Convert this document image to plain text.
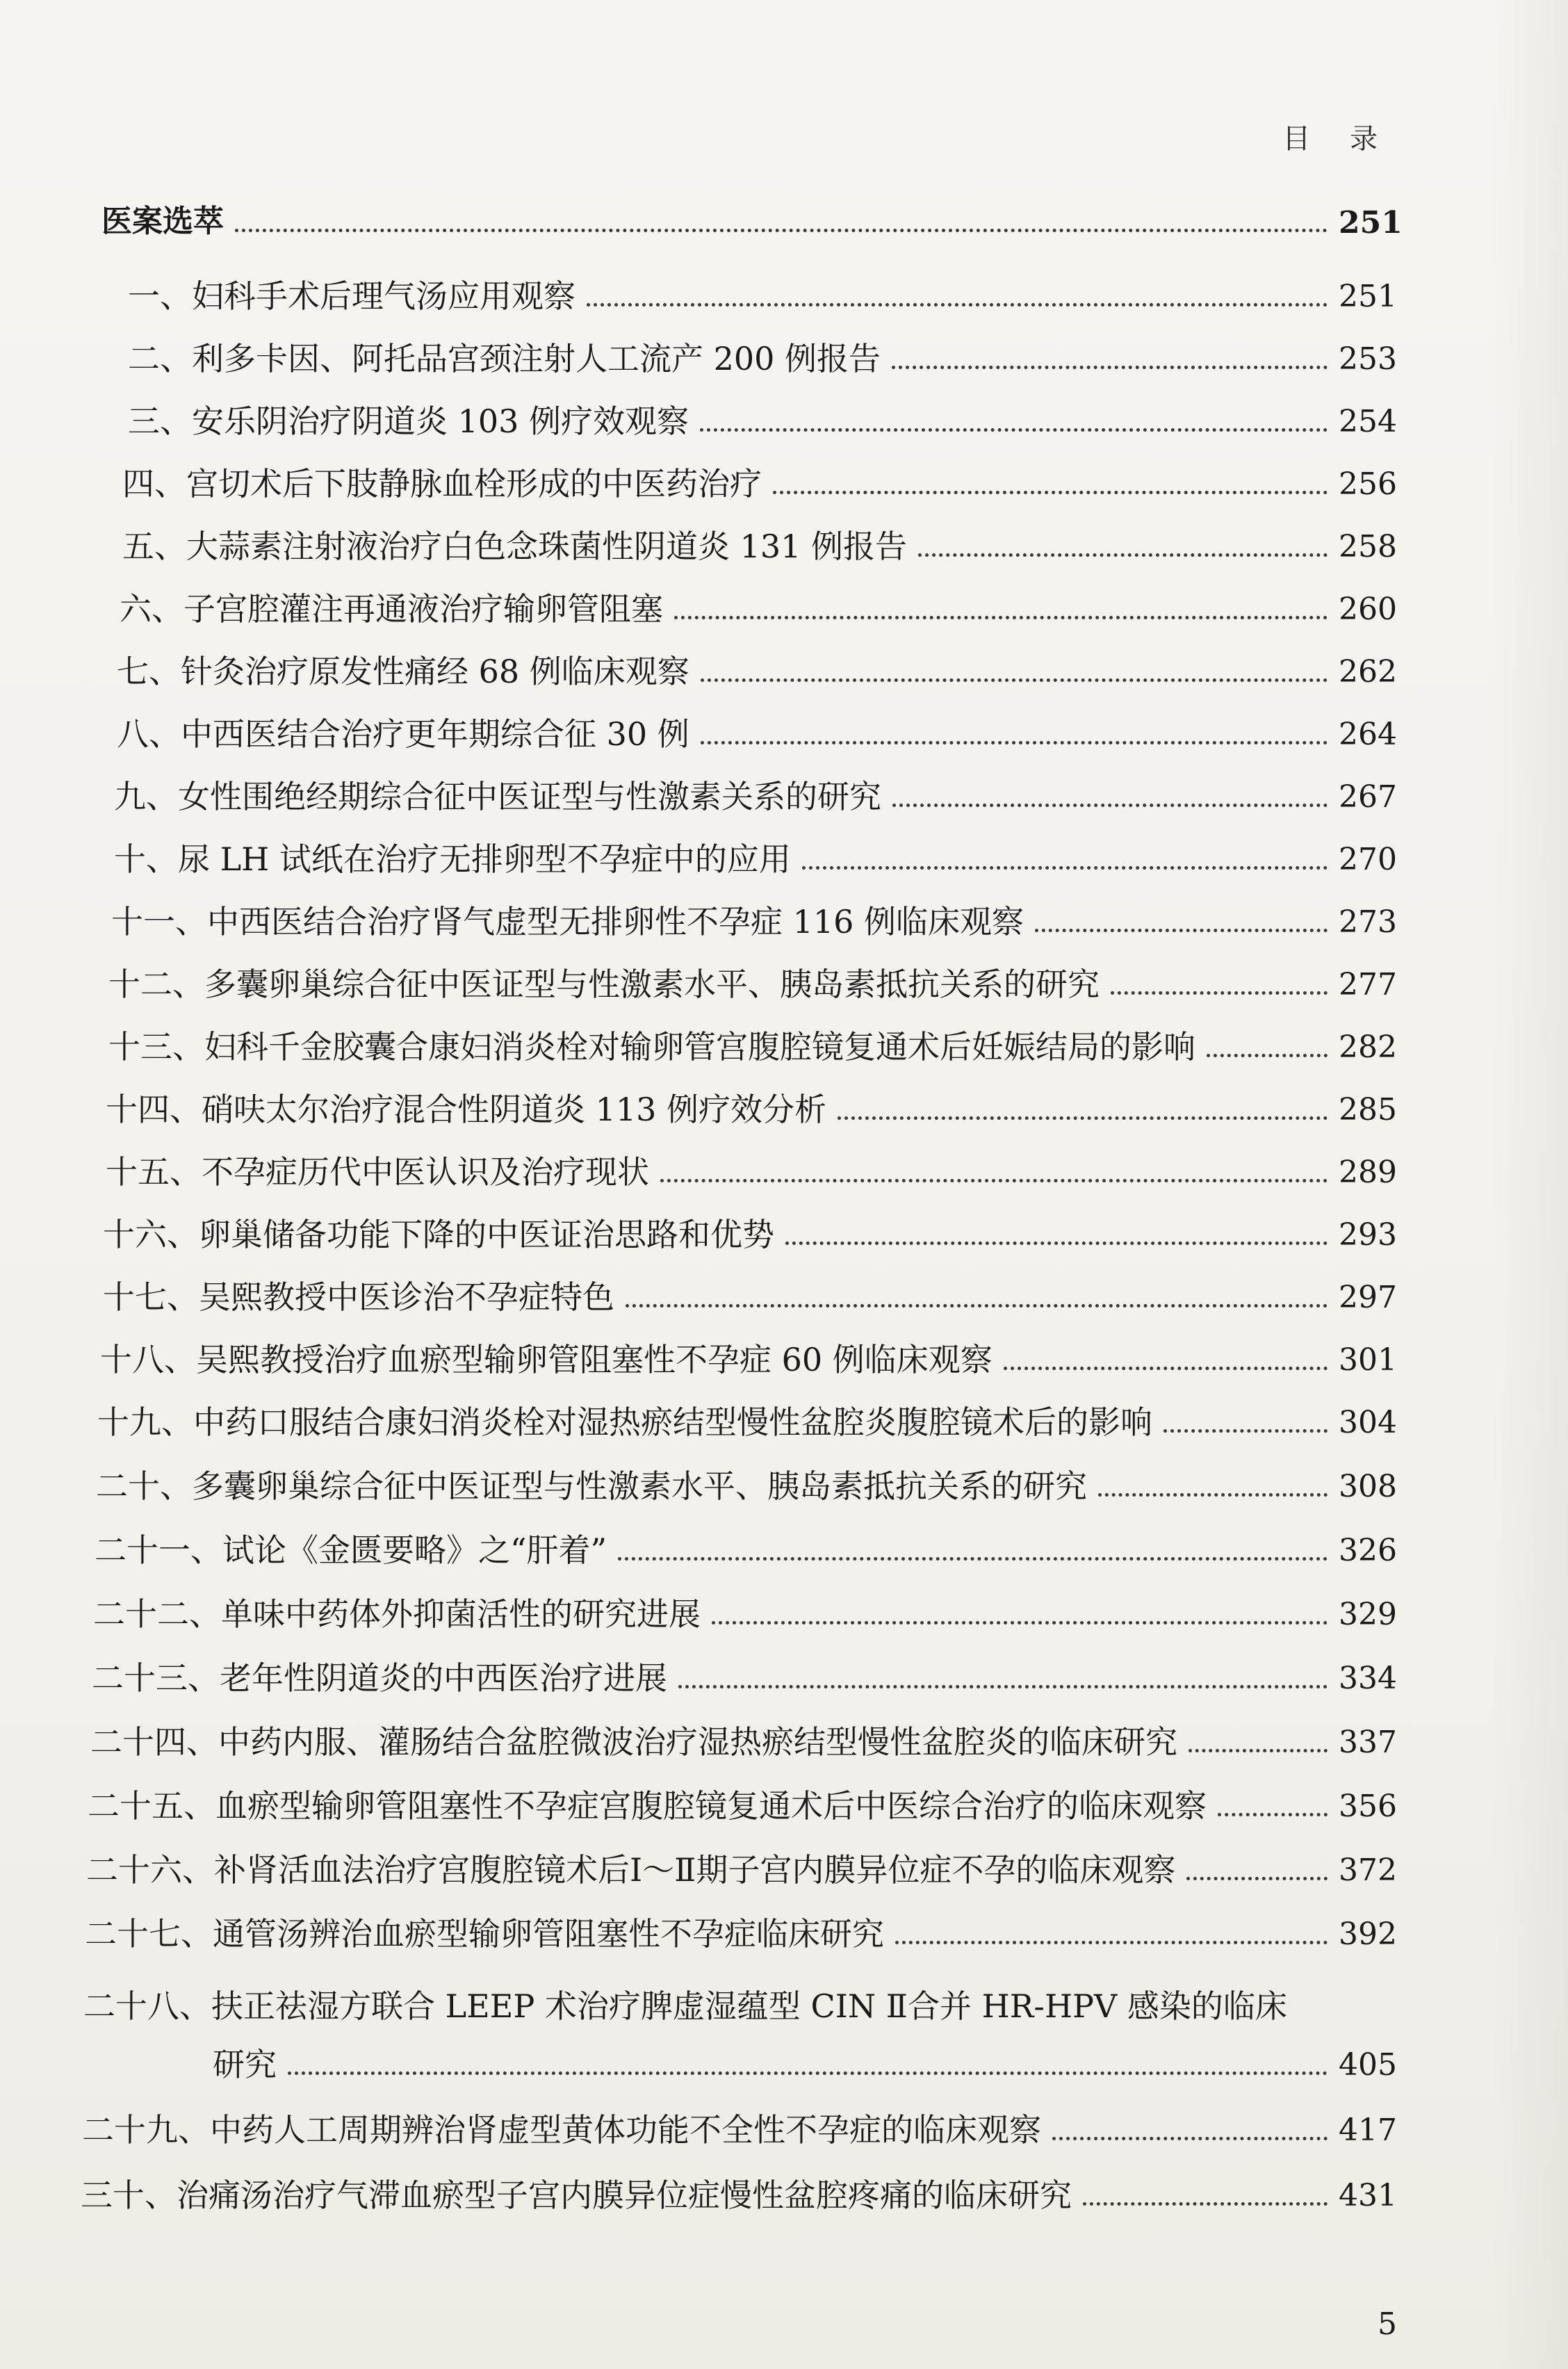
目 录
医案选萃	251
一、妇科手术后理气汤应用观察	251
二、利多卡因、阿托品宫颈注射人工流产 200 例报告	253
三、安乐阴治疗阴道炎 103 例疗效观察	254
四、宫切术后下肢静脉血栓形成的中医药治疗	256
五、大蒜素注射液治疗白色念珠菌性阴道炎 131 例报告	258
六、子宫腔灌注再通液治疗输卵管阻塞	260
七、针灸治疗原发性痛经 68 例临床观察	262
八、中西医结合治疗更年期综合征 30 例	264
九、女性围绝经期综合征中医证型与性激素关系的研究	267
十、尿 LH 试纸在治疗无排卵型不孕症中的应用	270
十一、中西医结合治疗肾气虚型无排卵性不孕症 116 例临床观察	273
十二、多囊卵巢综合征中医证型与性激素水平、胰岛素抵抗关系的研究	277
十三、妇科千金胶囊合康妇消炎栓对输卵管宫腹腔镜复通术后妊娠结局的影响	282
十四、硝呋太尔治疗混合性阴道炎 113 例疗效分析	285
十五、不孕症历代中医认识及治疗现状	289
十六、卵巢储备功能下降的中医证治思路和优势	293
十七、吴熙教授中医诊治不孕症特色	297
十八、吴熙教授治疗血瘀型输卵管阻塞性不孕症 60 例临床观察	301
十九、中药口服结合康妇消炎栓对湿热瘀结型慢性盆腔炎腹腔镜术后的影响	304
二十、多囊卵巢综合征中医证型与性激素水平、胰岛素抵抗关系的研究	308
二十一、试论《金匮要略》之“肝着”	326
二十二、单味中药体外抑菌活性的研究进展	329
二十三、老年性阴道炎的中西医治疗进展	334
二十四、中药内服、灌肠结合盆腔微波治疗湿热瘀结型慢性盆腔炎的临床研究	337
二十五、血瘀型输卵管阻塞性不孕症宫腹腔镜复通术后中医综合治疗的临床观察	356
二十六、补肾活血法治疗宫腹腔镜术后Ⅰ～Ⅱ期子宫内膜异位症不孕的临床观察	372
二十七、通管汤辨治血瘀型输卵管阻塞性不孕症临床研究	392
二十八、扶正祛湿方联合 LEEP 术治疗脾虚湿蕴型 CIN Ⅱ合并 HR-HPV 感染的临床
研究	405
二十九、中药人工周期辨治肾虚型黄体功能不全性不孕症的临床观察	417
三十、治痛汤治疗气滞血瘀型子宫内膜异位症慢性盆腔疼痛的临床研究	431
5
